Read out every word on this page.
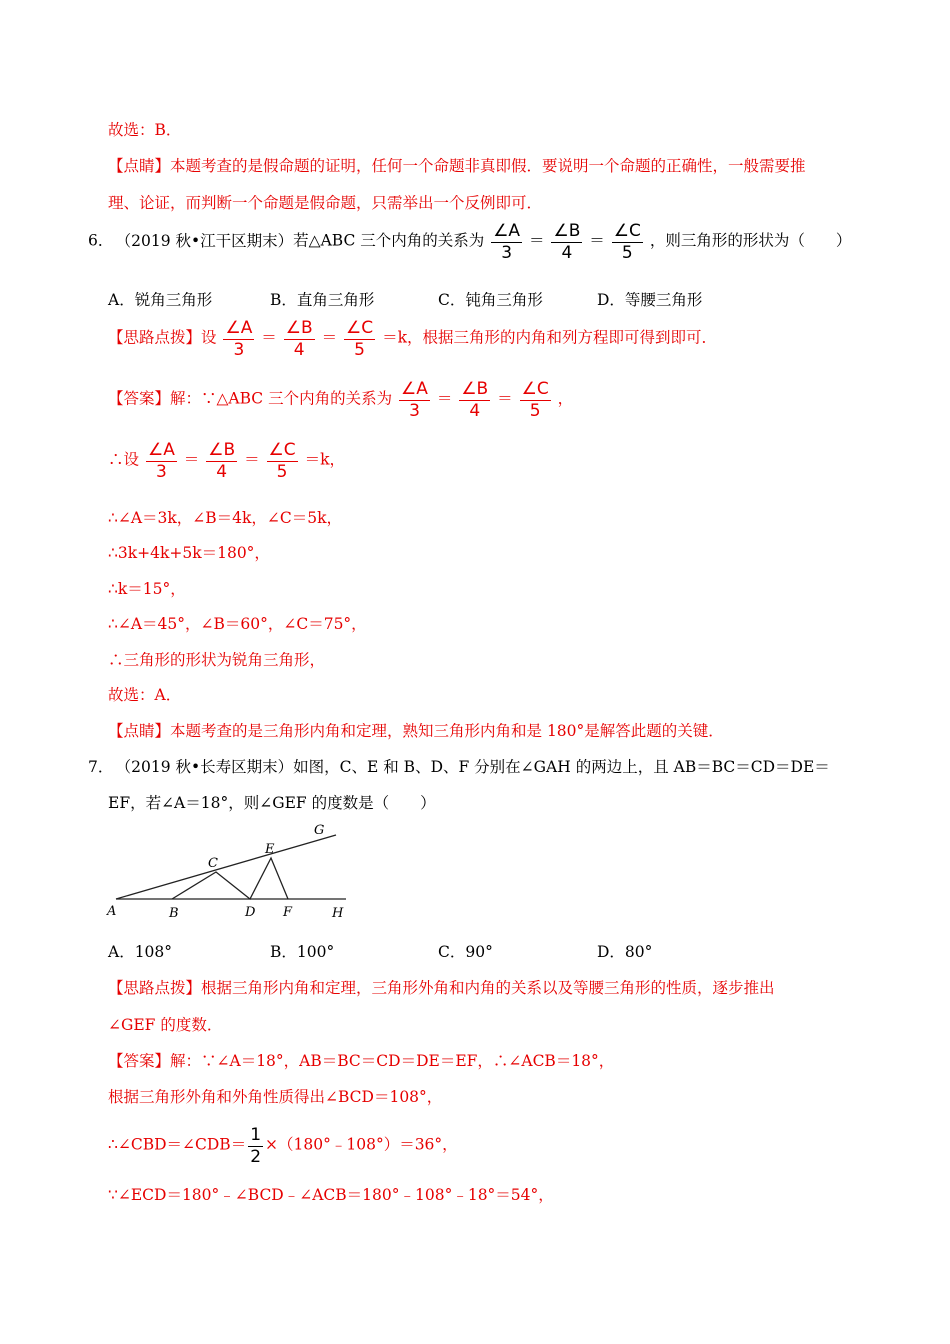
故选：B．
【点睛】本题考查的是假命题的证明，任何一个命题非真即假．要说明一个命题的正确性，一般需要推
理、论证，而判断一个命题是假命题，只需举出一个反例即可．
6． （2019 秋•江干区期末）若△ABC 三个内角的关系为 $\frac{\angle A}{3} = \frac{\angle B}{4} = \frac{\angle C}{5}$ ，则三角形的形状为（　　）
A．锐角三角形	B．直角三角形	C．钝角三角形	D．等腰三角形
【思路点拨】设 $\frac{\angle A}{3} = \frac{\angle B}{4} = \frac{\angle C}{5} =k$，根据三角形的内角和列方程即可得到即可．
【答案】解：∵△ABC 三个内角的关系为 $\frac{\angle A}{3} = \frac{\angle B}{4} = \frac{\angle C}{5}$ ，
∴设 $\frac{\angle A}{3} = \frac{\angle B}{4} = \frac{\angle C}{5} =k$，
∴∠A＝3k，∠B＝4k，∠C＝5k，
∴3k+4k+5k＝180°，
∴k＝15°，
∴∠A＝45°，∠B＝60°，∠C＝75°，
∴三角形的形状为锐角三角形，
故选：A．
【点睛】本题考查的是三角形内角和定理，熟知三角形内角和是 180°是解答此题的关键．
7． （2019 秋•长寿区期末）如图，C、E 和 B、D、F 分别在∠GAH 的两边上，且 AB＝BC＝CD＝DE＝
EF，若∠A＝18°，则∠GEF 的度数是（　　）
A	B
C
D
E
F
G
H
A．108°	B．100°	C．90°	D．80°
【思路点拨】根据三角形内角和定理，三角形外角和内角的关系以及等腰三角形的性质，逐步推出
∠GEF 的度数．
【答案】解：∵∠A＝18°，AB＝BC＝CD＝DE＝EF，∴∠ACB＝18°，
根据三角形外角和外角性质得出∠BCD＝108°，
∴∠CBD＝∠CDB＝ $\frac{1}{2}$ ×（180°﹣108°）＝36°，
∵∠ECD＝180°﹣∠BCD﹣∠ACB＝180°﹣108°﹣18°＝54°，
